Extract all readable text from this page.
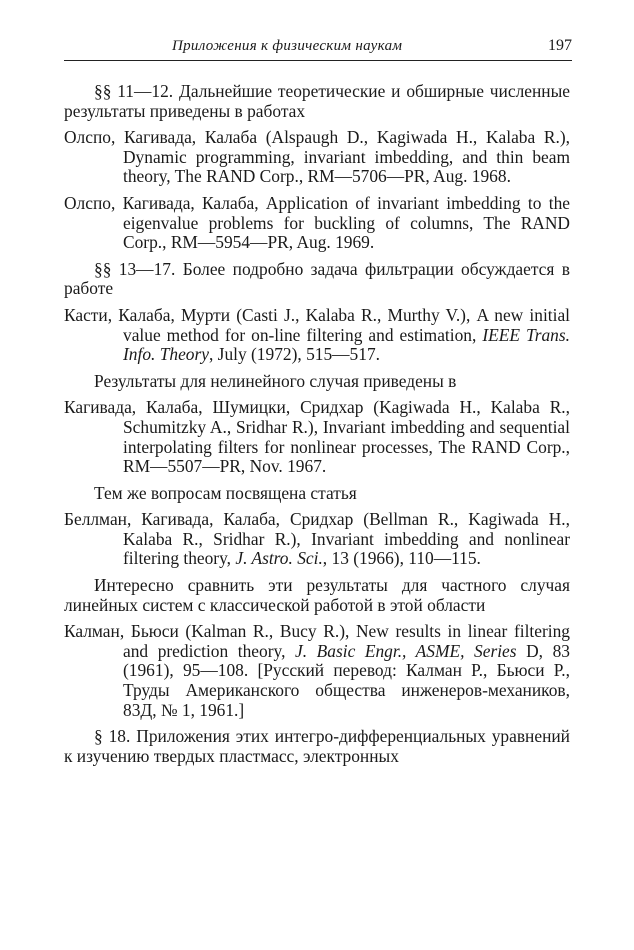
Приложения к физическим наукам	197

§§ 11—12. Дальнейшие теоретические и обширные численные результаты приведены в работах

Олспо, Кагивада, Калаба (Alspaugh D., Kagiwada H., Kalaba R.), Dynamic programming, invariant imbedding, and thin beam theory, The RAND Corp., RM—5706—PR, Aug. 1968.

Олспо, Кагивада, Калаба, Application of invariant imbedding to the eigenvalue problems for buckling of columns, The RAND Corp., RM—5954—PR, Aug. 1969.

§§ 13—17. Более подробно задача фильтрации обсуждается в работе

Касти, Калаба, Мурти (Casti J., Kalaba R., Murthy V.), A new initial value method for on-line filtering and estimation, IEEE Trans. Info. Theory, July (1972), 515—517.

Результаты для нелинейного случая приведены в

Кагивада, Калаба, Шумицки, Сридхар (Kagiwada H., Kalaba R., Schumitzky A., Sridhar R.), Invariant imbedding and sequential interpolating filters for nonlinear processes, The RAND Corp., RM—5507—PR, Nov. 1967.

Тем же вопросам посвящена статья

Беллман, Кагивада, Калаба, Сридхар (Bellman R., Kagiwada H., Kalaba R., Sridhar R.), Invariant imbedding and nonlinear filtering theory, J. Astro. Sci., 13 (1966), 110—115.

Интересно сравнить эти результаты для частного случая линейных систем с классической работой в этой области

Калман, Бьюси (Kalman R., Bucy R.), New results in linear filtering and prediction theory, J. Basic Engr., ASME, Series D, 83 (1961), 95—108. [Русский перевод: Калман Р., Бьюси Р., Труды Американского общества инженеров-механиков, 83Д, № 1, 1961.]

§ 18. Приложения этих интегро-дифференциальных уравнений к изучению твердых пластмасс, электронных
